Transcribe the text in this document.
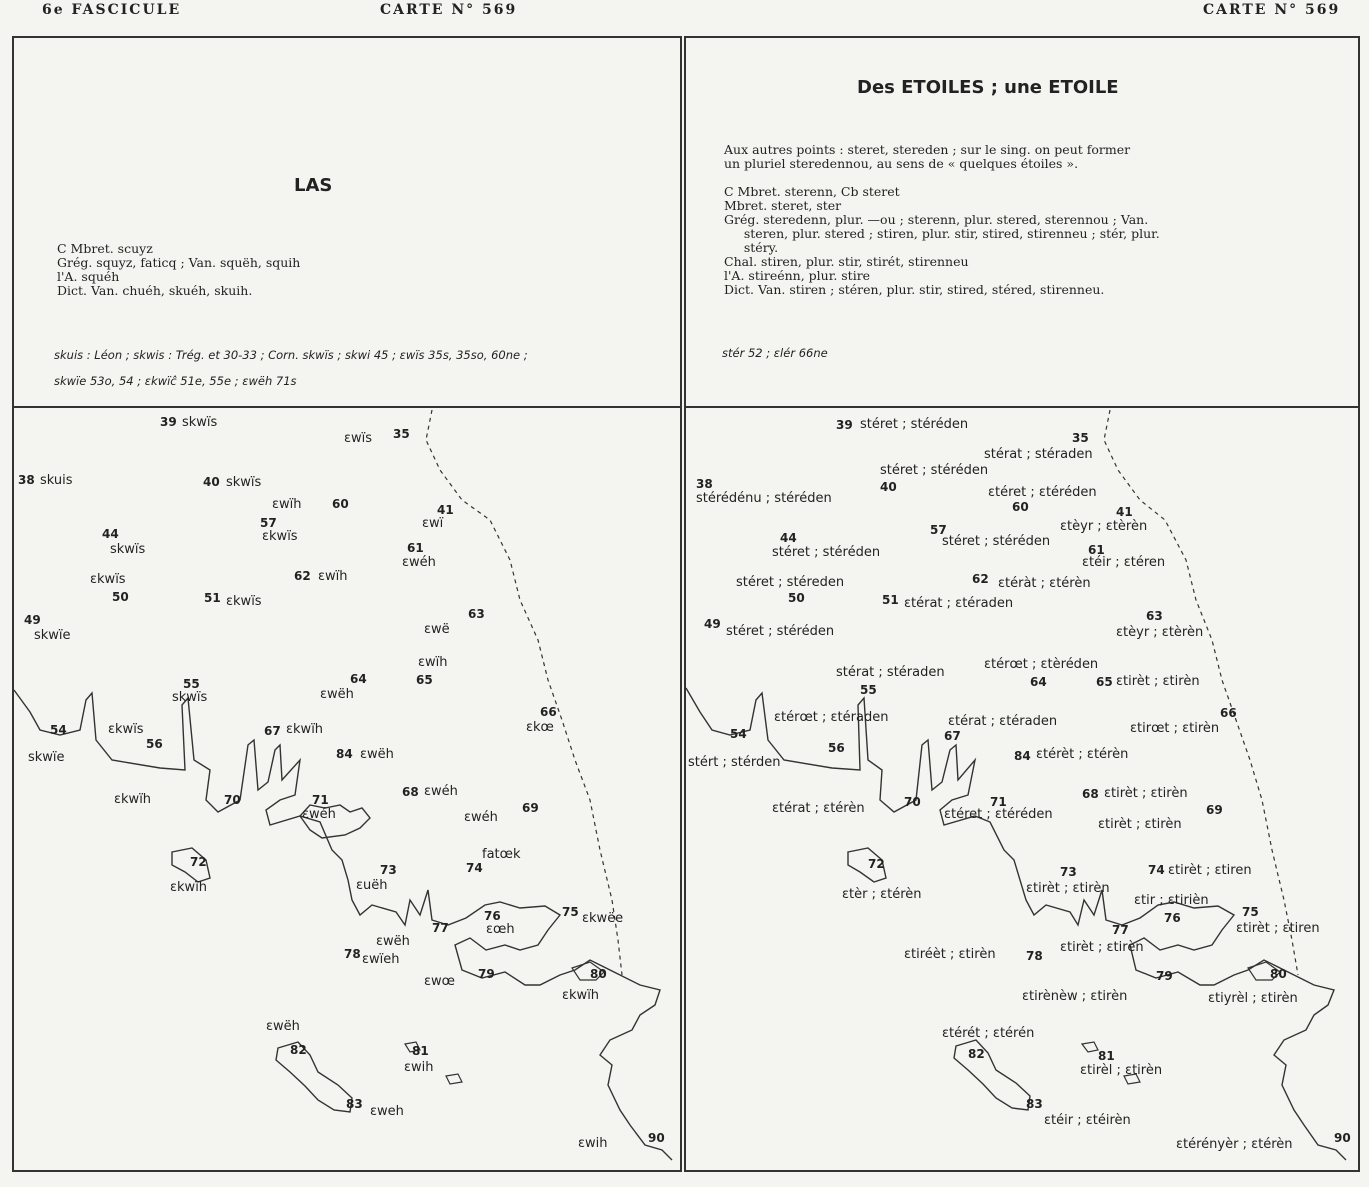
6e FASCICULE	CARTE N° 569	CARTE N° 569
LAS
C Mbret. scuyz
Grég. squyz, faticq ; Van. squëh, squih
l'A. squéh
Dict. Van. chuéh, skuéh, skuih.
skuis : Léon ; skwis : Trég. et 30-33 ; Corn. skwïs ; skwi 45 ; ɛwïs 35s, 35so, 60ne ;
skwïe 53o, 54 ; ɛkwïĉ 51e, 55e ; ɛwëh 71s
Des ETOILES ; une ETOILE
Aux autres points : steret, stereden ; sur le sing. on peut former
un pluriel steredennou, au sens de « quelques étoiles ».

C Mbret. sterenn, Cb steret
Mbret. steret, ster
Grég. steredenn, plur. —ou ; sterenn, plur. stered, sterennou ; Van.
steren, plur. stered ; stiren, plur. stir, stired, stirenneu ; stér, plur.
stéry.
Chal. stiren, plur. stir, stirét, stirenneu
l'A. stireénn, plur. stire
Dict. Van. stiren ; stéren, plur. stir, stired, stéred, stirenneu.
stér 52 ; ɛlér 66ne
39 skwïs
35
ɛwïs
38 skuis	40 skwïs
60
ɛwïh	41
ɛwï
57
ɛkwïs
44
skwïs	61
ɛwéh
62 ɛwïh
50
ɛkwïs
51 ɛkwïs
49
skwïe
63
ɛwë
65
ɛwïh
64
ɛwëh
55
skwïs
66
ɛkœ
54
skwïe
56
ɛkwïs	67 ɛkwïh
84 ɛwëh
68 ɛwéh
70
ɛkwïh	71
ɛwéh	69
ɛwéh
72
ɛkwïh
73
ɛuëh
74
fatœk
76
ɛœh
75 ɛkwëe
77
ɛwëh
78 ɛwïeh
79
ɛwœ	80
ɛkwïh
82
ɛwëh
81
ɛwih
83 ɛweh
90
ɛwih
39 stéret ; stéréden
35
stérat ; stéraden
40
stéret ; stéréden
38
stérédénu ; stéréden
60
ɛtéret ; ɛtéréden
41
ɛtèyr ; ɛtèrèn
57
stéret ; stéréden
44
stéret ; stéréden	61
ɛtéir ; ɛtéren
62 ɛtéràt ; ɛtérèn
50
stéret ; stéreden
51 ɛtérat ; ɛtéraden
49 stéret ; stéréden
63
ɛtèyr ; ɛtèrèn
55
stérat ; stéraden
64
ɛtérœt ; ɛtèréden
65 ɛtirèt ; ɛtirèn
54
stért ; stérden
56
ɛtérœt ; ɛtéraden
67
ɛtérat ; ɛtéraden
66
ɛtirœt ; ɛtirèn
84 ɛtérèt ; ɛtérèn
70
ɛtérat ; ɛtérèn	71
ɛtéret ; ɛtéréden
68 ɛtirèt ; ɛtirèn
69
ɛtirèt ; ɛtirèn
72
ɛtèr ; ɛtérèn
73
ɛtirèt ; ɛtirèn
74 ɛtirèt ; ɛtiren
76
ɛtir ; ɛtirièn
75
ɛtirèt ; ɛtiren
77
ɛtirèt ; ɛtirèn
78
ɛtiréèt ; ɛtirèn
79
ɛtirènèw ; ɛtirèn
80
ɛtiyrèl ; ɛtirèn
82
ɛtérét ; ɛtérén
81
ɛtirèl ; ɛtirèn
83
ɛtéir ; ɛtéirèn
90
ɛtérényèr ; ɛtérèn
